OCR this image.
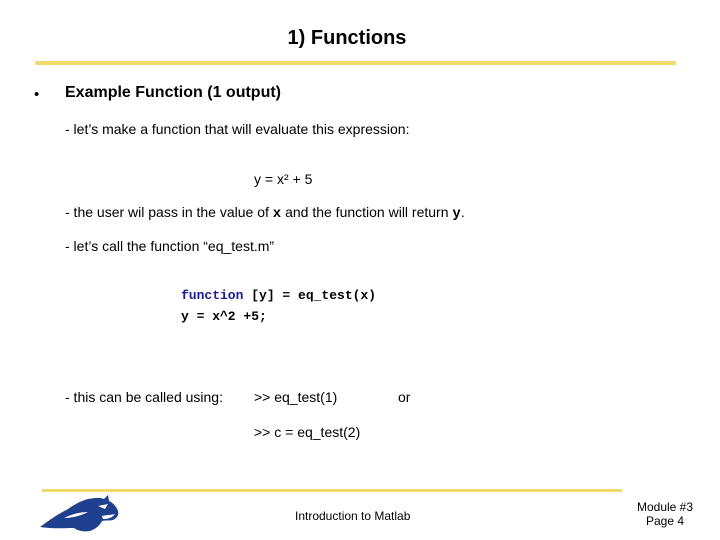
1) Functions
• Example Function (1 output)
- let’s make a function that will evaluate this expression:
y = x² + 5
- the user wil pass in the value of x and the function will return y.
- let’s call the function “eq_test.m”
function [y] = eq_test(x)
y = x^2 +5;
- this can be called using: >> eq_test(1)	or
>> c = eq_test(2)
Introduction to Matlab
Module #3
Page 4
